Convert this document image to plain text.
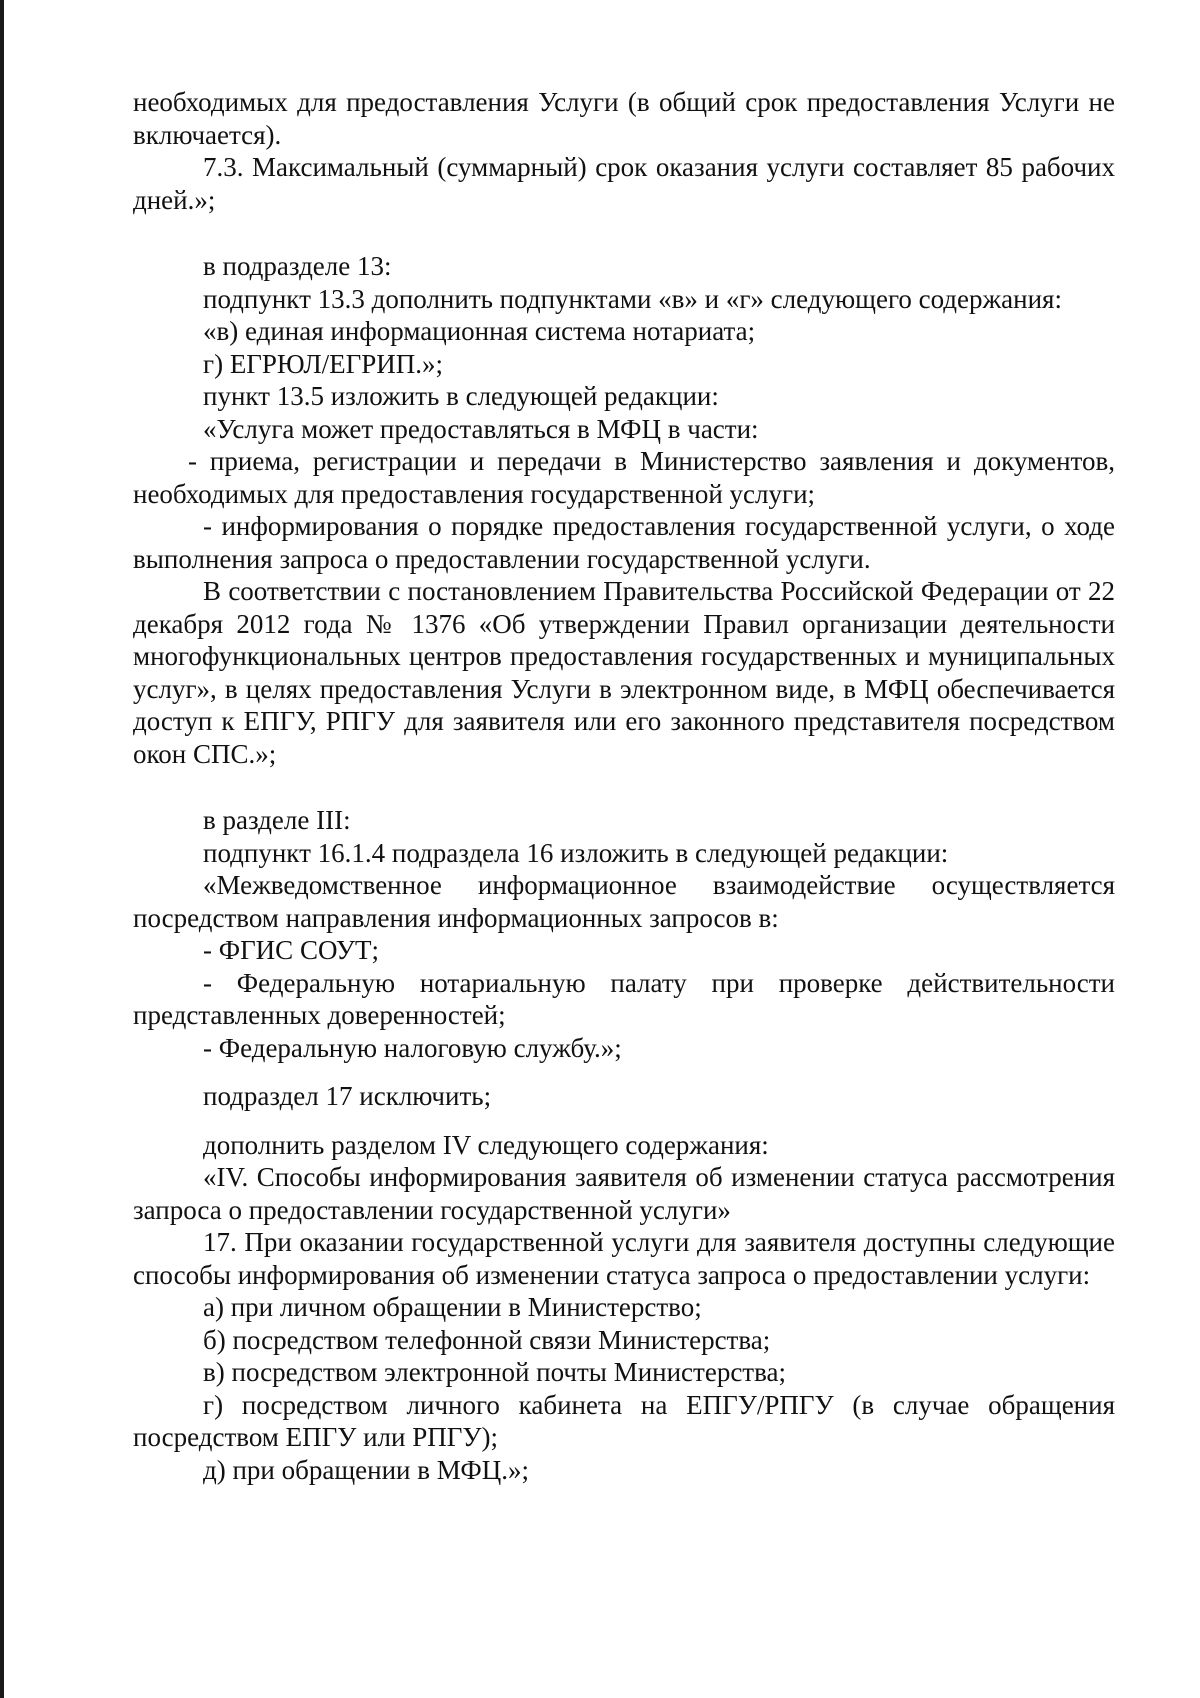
необходимых для предоставления Услуги (в общий срок предоставления Услуги не включается).

7.3. Максимальный (суммарный) срок оказания услуги составляет 85 рабочих дней.»;

в подразделе 13:

подпункт 13.3 дополнить подпунктами «в» и «г» следующего содержания:

«в) единая информационная система нотариата;

г) ЕГРЮЛ/ЕГРИП.»;

пункт 13.5 изложить в следующей редакции:

«Услуга может предоставляться в МФЦ в части:

- приема, регистрации и передачи в Министерство заявления и документов, необходимых для предоставления государственной услуги;

- информирования о порядке предоставления государственной услуги, о ходе выполнения запроса о предоставлении государственной услуги.

В соответствии с постановлением Правительства Российской Федерации от 22 декабря 2012 года № 1376 «Об утверждении Правил организации деятельности многофункциональных центров предоставления государственных и муниципальных услуг», в целях предоставления Услуги в электронном виде, в МФЦ обеспечивается доступ к ЕПГУ, РПГУ для заявителя или его законного представителя посредством окон СПС.»;

в разделе III:

подпункт 16.1.4 подраздела 16 изложить в следующей редакции:

«Межведомственное информационное взаимодействие осуществляется посредством направления информационных запросов в:

- ФГИС СОУТ;

- Федеральную нотариальную палату при проверке действительности представленных доверенностей;

- Федеральную налоговую службу.»;

подраздел 17 исключить;

дополнить разделом IV следующего содержания:

«IV. Способы информирования заявителя об изменении статуса рассмотрения запроса о предоставлении государственной услуги»

17. При оказании государственной услуги для заявителя доступны следующие способы информирования об изменении статуса запроса о предоставлении услуги:

а) при личном обращении в Министерство;

б) посредством телефонной связи Министерства;

в) посредством электронной почты Министерства;

г) посредством личного кабинета на ЕПГУ/РПГУ (в случае обращения посредством ЕПГУ или РПГУ);

д) при обращении в МФЦ.»;
